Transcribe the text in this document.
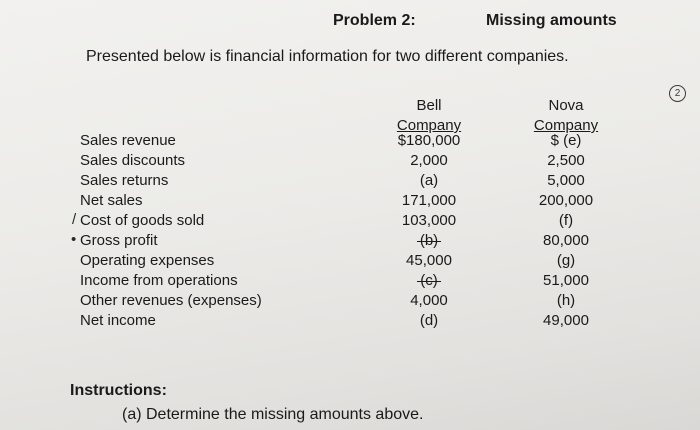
Problem 2:	Missing amounts
Presented below is financial information for two different companies.
Bell
Company
Nova
Company
Sales revenue	$180,000	$ (e)
Sales discounts	2,000	2,500
Sales returns	(a)	5,000
Net sales	171,000	200,000
/ Cost of goods sold	103,000	(f)
• Gross profit	(b)	80,000
Operating expenses	45,000	(g)
Income from operations	(c)	51,000
Other revenues (expenses)	4,000	(h)
Net income	(d)	49,000
2
Instructions:
(a) Determine the missing amounts above.
